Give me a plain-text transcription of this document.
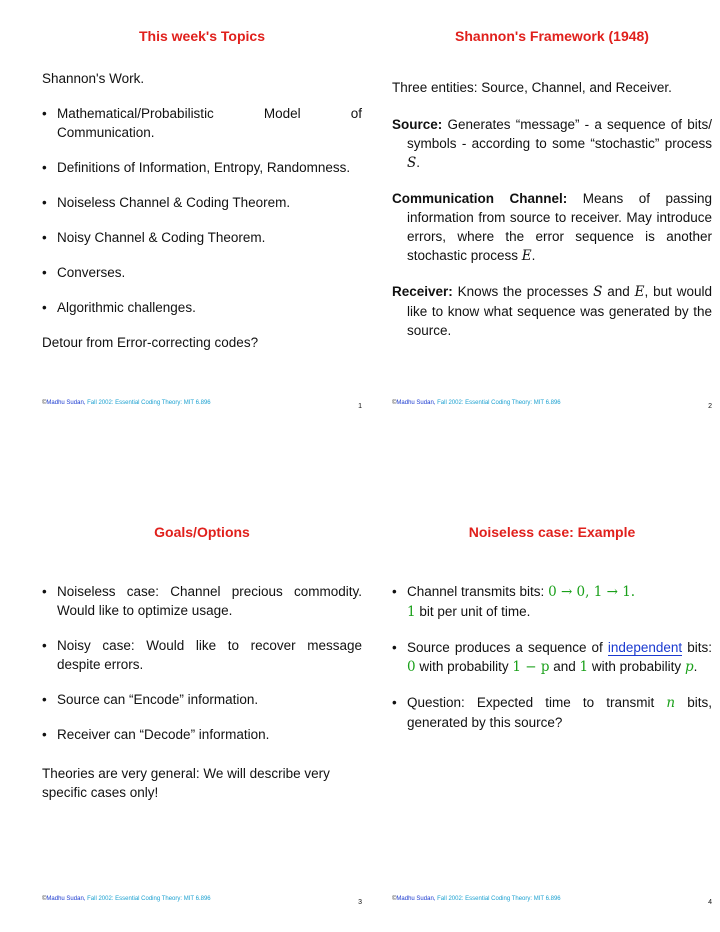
This week's Topics

Shannon's Work.

• Mathematical/Probabilistic Model of Communication.
• Definitions of Information, Entropy, Randomness.
• Noiseless Channel & Coding Theorem.
• Noisy Channel & Coding Theorem.
• Converses.
• Algorithmic challenges.

Detour from Error-correcting codes?

©Madhu Sudan, Fall 2002: Essential Coding Theory: MIT 6.896	1
Shannon's Framework (1948)

Three entities: Source, Channel, and Receiver.

Source: Generates “message” - a sequence of bits/ symbols - according to some “stochastic” process S.

Communication Channel: Means of passing information from source to receiver. May introduce errors, where the error sequence is another stochastic process E.

Receiver: Knows the processes S and E, but would like to know what sequence was generated by the source.

©Madhu Sudan, Fall 2002: Essential Coding Theory: MIT 6.896	2
Goals/Options
• Noiseless case: Channel precious commodity. Would like to optimize usage.
• Noisy case: Would like to recover message despite errors.
• Source can “Encode” information.
• Receiver can “Decode” information.

Theories are very general: We will describe very specific cases only!

©Madhu Sudan, Fall 2002: Essential Coding Theory: MIT 6.896	3
Noiseless case: Example
• Channel transmits bits: 0 → 0, 1 → 1.
1 bit per unit of time.
• Source produces a sequence of independent bits: 0 with probability 1 − p and 1 with probability p.
• Question: Expected time to transmit n bits, generated by this source?
©Madhu Sudan, Fall 2002: Essential Coding Theory: MIT 6.896	4
